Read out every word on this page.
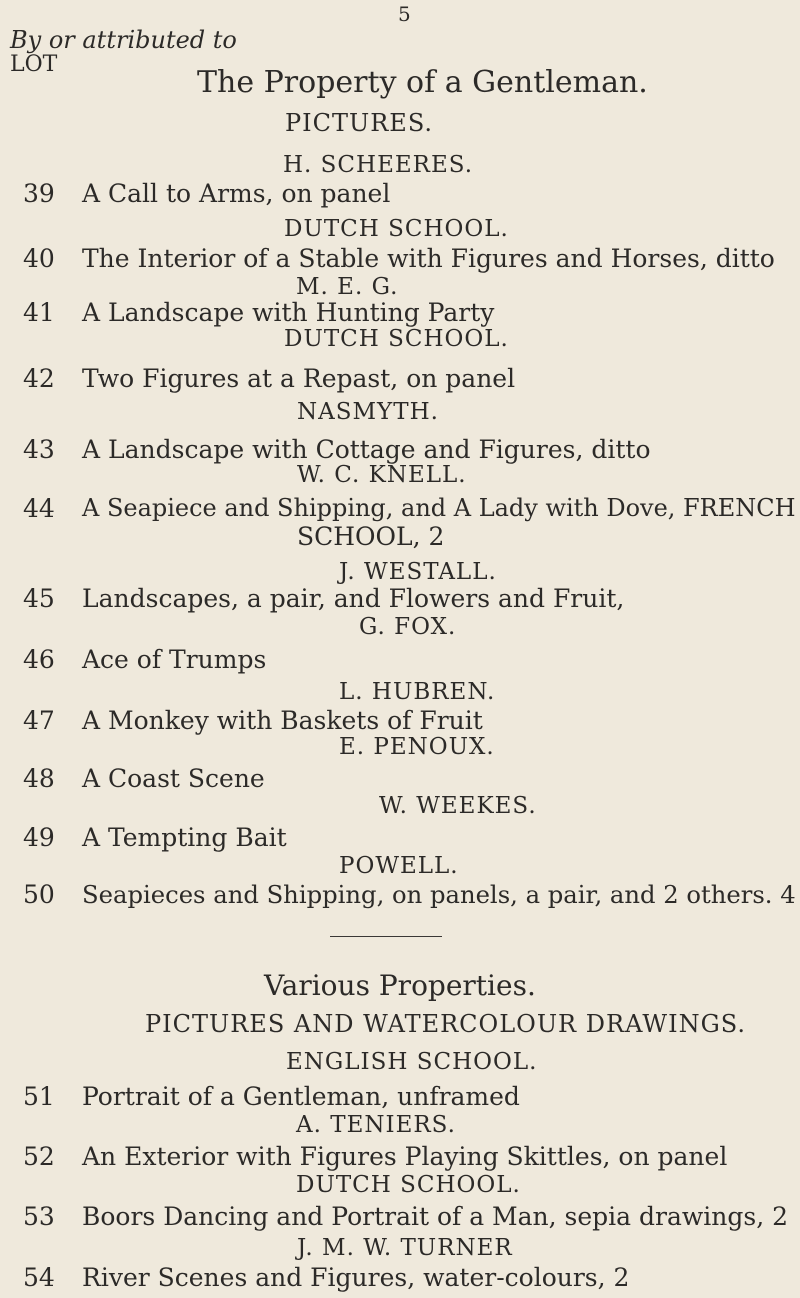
5
By or attributed to
LOT
The Property of a Gentleman.
PICTURES.
H. SCHEERES.
39 A Call to Arms, on panel
DUTCH SCHOOL.
40 The Interior of a Stable with Figures and Horses, ditto
M. E. G.
41 A Landscape with Hunting Party
DUTCH SCHOOL.
42 Two Figures at a Repast, on panel
NASMYTH.
43 A Landscape with Cottage and Figures, ditto
W. C. KNELL.
44 A Seapiece and Shipping, and A Lady with Dove, FRENCH
SCHOOL, 2
J. WESTALL.
45 Landscapes, a pair, and Flowers and Fruit,
G. FOX.
46 Ace of Trumps
L. HUBREN.
47 A Monkey with Baskets of Fruit
E. PENOUX.
48 A Coast Scene
W. WEEKES.
49 A Tempting Bait
POWELL.
50 Seapieces and Shipping, on panels, a pair, and 2 others. 4
Various Properties.
PICTURES AND WATERCOLOUR DRAWINGS.
ENGLISH SCHOOL.
51 Portrait of a Gentleman, unframed
A. TENIERS.
52 An Exterior with Figures Playing Skittles, on panel
DUTCH SCHOOL.
53 Boors Dancing and Portrait of a Man, sepia drawings, 2
J. M. W. TURNER
54 River Scenes and Figures, water-colours, 2
